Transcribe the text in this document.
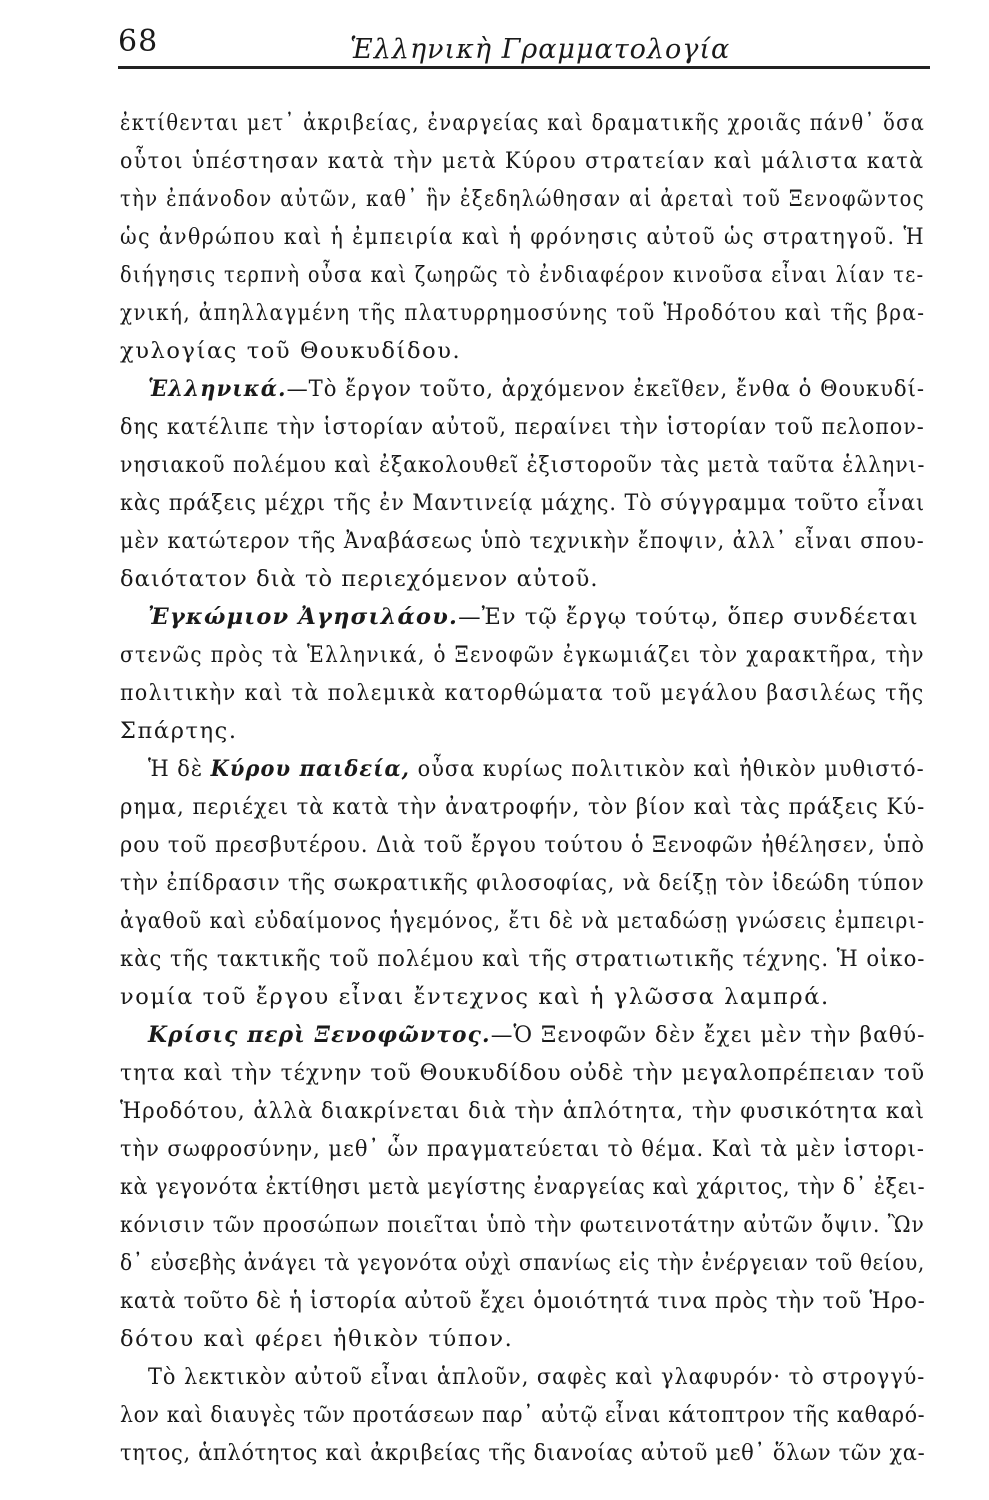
68	Ἑλληνικὴ Γραμματολογία
ἐκτίθενται μετ᾽ ἀκριβείας, ἐναργείας καὶ δραματικῆς χροιᾶς πάνθ᾽ ὅσα
οὗτοι ὑπέστησαν κατὰ τὴν μετὰ Κύρου στρατείαν καὶ μάλιστα κατὰ
τὴν ἐπάνοδον αὐτῶν, καθ᾽ ἣν ἐξεδηλώθησαν αἱ ἀρεταὶ τοῦ Ξενοφῶντος
ὡς ἀνθρώπου καὶ ἡ ἐμπειρία καὶ ἡ φρόνησις αὐτοῦ ὡς στρατηγοῦ. Ἡ
διήγησις τερπνὴ οὖσα καὶ ζωηρῶς τὸ ἐνδιαφέρον κινοῦσα εἶναι λίαν τε-
χνική, ἀπηλλαγμένη τῆς πλατυρρημοσύνης τοῦ Ἡροδότου καὶ τῆς βρα-
χυλογίας τοῦ Θουκυδίδου.
Ἑλληνικά.—Τὸ ἔργον τοῦτο, ἀρχόμενον ἐκεῖθεν, ἔνθα ὁ Θουκυδί-
δης κατέλιπε τὴν ἱστορίαν αὐτοῦ, περαίνει τὴν ἱστορίαν τοῦ πελοπον-
νησιακοῦ πολέμου καὶ ἐξακολουθεῖ ἐξιστοροῦν τὰς μετὰ ταῦτα ἑλληνι-
κὰς πράξεις μέχρι τῆς ἐν Μαντινείᾳ μάχης. Τὸ σύγγραμμα τοῦτο εἶναι
μὲν κατώτερον τῆς Ἀναβάσεως ὑπὸ τεχνικὴν ἔποψιν, ἀλλ᾽ εἶναι σπου-
δαιότατον διὰ τὸ περιεχόμενον αὐτοῦ.
Ἐγκώμιον Ἀγησιλάου.—Ἐν τῷ ἔργῳ τούτῳ, ὅπερ συνδέεται
στενῶς πρὸς τὰ Ἑλληνικά, ὁ Ξενοφῶν ἐγκωμιάζει τὸν χαρακτῆρα, τὴν
πολιτικὴν καὶ τὰ πολεμικὰ κατορθώματα τοῦ μεγάλου βασιλέως τῆς
Σπάρτης.
Ἡ δὲ Κύρου παιδεία, οὖσα κυρίως πολιτικὸν καὶ ἠθικὸν μυθιστό-
ρημα, περιέχει τὰ κατὰ τὴν ἀνατροφήν, τὸν βίον καὶ τὰς πράξεις Κύ-
ρου τοῦ πρεσβυτέρου. Διὰ τοῦ ἔργου τούτου ὁ Ξενοφῶν ἠθέλησεν, ὑπὸ
τὴν ἐπίδρασιν τῆς σωκρατικῆς φιλοσοφίας, νὰ δείξῃ τὸν ἰδεώδη τύπον
ἀγαθοῦ καὶ εὐδαίμονος ἡγεμόνος, ἔτι δὲ νὰ μεταδώσῃ γνώσεις ἐμπειρι-
κὰς τῆς τακτικῆς τοῦ πολέμου καὶ τῆς στρατιωτικῆς τέχνης. Ἡ οἰκο-
νομία τοῦ ἔργου εἶναι ἔντεχνος καὶ ἡ γλῶσσα λαμπρά.
Κρίσις περὶ Ξενοφῶντος.—Ὁ Ξενοφῶν δὲν ἔχει μὲν τὴν βαθύ-
τητα καὶ τὴν τέχνην τοῦ Θουκυδίδου οὐδὲ τὴν μεγαλοπρέπειαν τοῦ
Ἡροδότου, ἀλλὰ διακρίνεται διὰ τὴν ἁπλότητα, τὴν φυσικότητα καὶ
τὴν σωφροσύνην, μεθ᾽ ὧν πραγματεύεται τὸ θέμα. Καὶ τὰ μὲν ἱστορι-
κὰ γεγονότα ἐκτίθησι μετὰ μεγίστης ἐναργείας καὶ χάριτος, τὴν δ᾽ ἐξει-
κόνισιν τῶν προσώπων ποιεῖται ὑπὸ τὴν φωτεινοτάτην αὐτῶν ὄψιν. Ὢν
δ᾽ εὐσεβὴς ἀνάγει τὰ γεγονότα οὐχὶ σπανίως εἰς τὴν ἐνέργειαν τοῦ θείου,
κατὰ τοῦτο δὲ ἡ ἱστορία αὐτοῦ ἔχει ὁμοιότητά τινα πρὸς τὴν τοῦ Ἡρο-
δότου καὶ φέρει ἠθικὸν τύπον.
Τὸ λεκτικὸν αὐτοῦ εἶναι ἁπλοῦν, σαφὲς καὶ γλαφυρόν· τὸ στρογγύ-
λον καὶ διαυγὲς τῶν προτάσεων παρ᾽ αὐτῷ εἶναι κάτοπτρον τῆς καθαρό-
τητος, ἁπλότητος καὶ ἀκριβείας τῆς διανοίας αὐτοῦ μεθ᾽ ὅλων τῶν χα-
